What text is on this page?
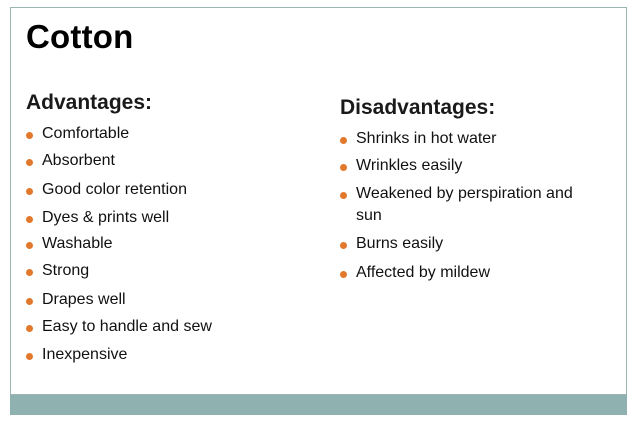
Cotton
Advantages:
Comfortable
Absorbent
Good color retention
Dyes & prints well
Washable
Strong
Drapes well
Easy to handle and sew
Inexpensive
Disadvantages:
Shrinks in hot water
Wrinkles easily
Weakened by perspiration and sun
Burns easily
Affected by mildew
